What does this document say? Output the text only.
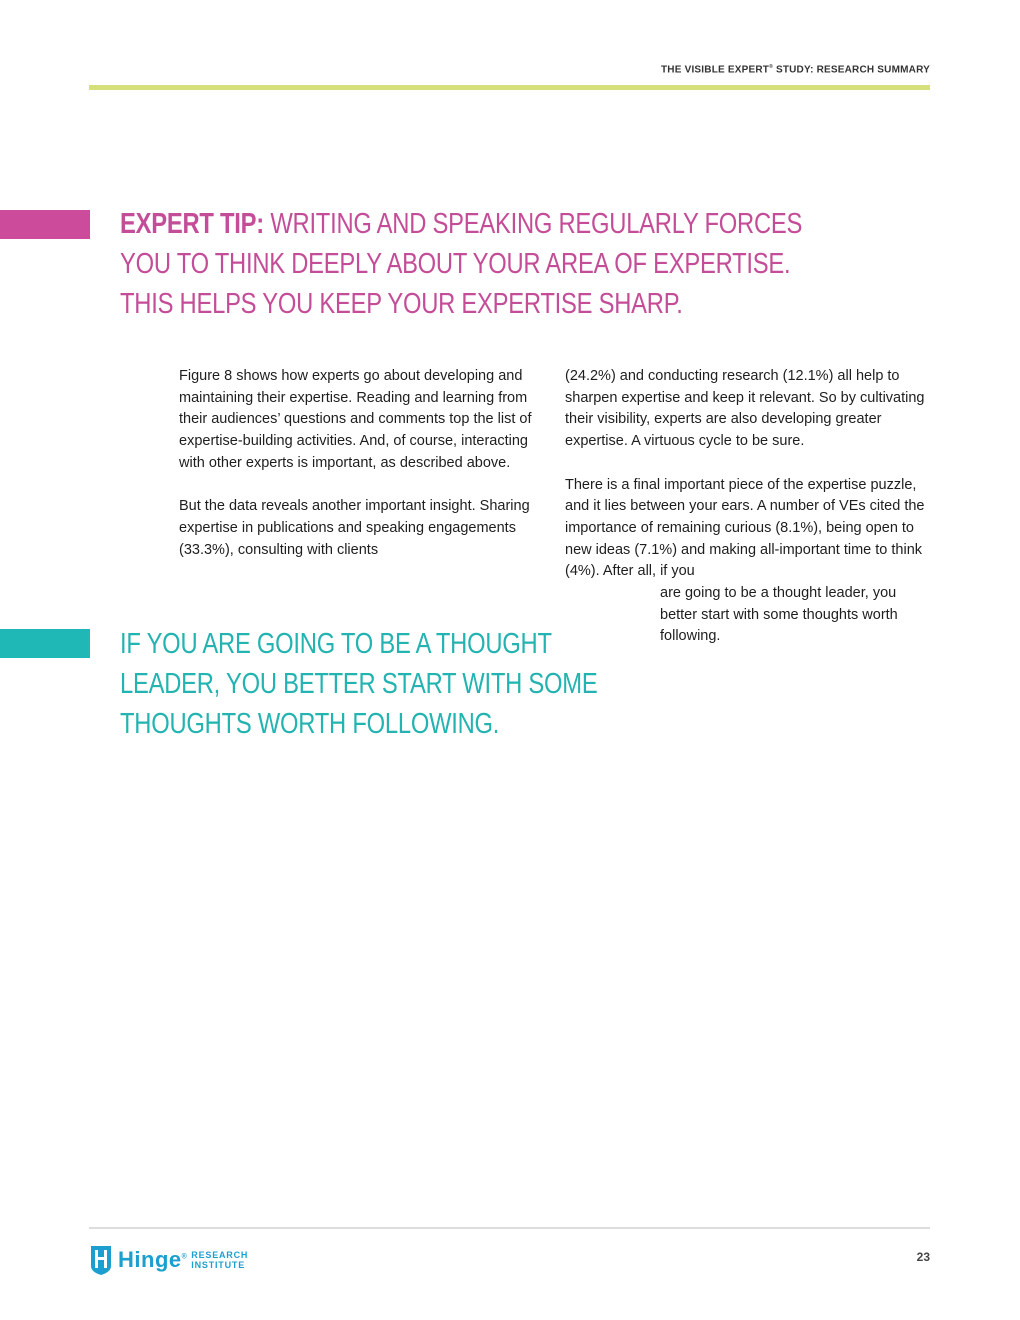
THE VISIBLE EXPERT® STUDY: RESEARCH SUMMARY
EXPERT TIP: WRITING AND SPEAKING REGULARLY FORCES YOU TO THINK DEEPLY ABOUT YOUR AREA OF EXPERTISE. THIS HELPS YOU KEEP YOUR EXPERTISE SHARP.

Figure 8 shows how experts go about developing and maintaining their expertise. Reading and learning from their audiences’ questions and comments top the list of expertise-building activities. And, of course, interacting with other experts is important, as described above.

But the data reveals another important insight. Sharing expertise in publications and speaking engagements (33.3%), consulting with clients

(24.2%) and conducting research (12.1%) all help to sharpen expertise and keep it relevant. So by cultivating their visibility, experts are also developing greater expertise. A virtuous cycle to be sure.

There is a final important piece of the expertise puzzle, and it lies between your ears. A number of VEs cited the importance of remaining curious (8.1%), being open to new ideas (7.1%) and making all-important time to think (4%). After all, if you

are going to be a thought leader, you better start with some thoughts worth following.
IF YOU ARE GOING TO BE A THOUGHT LEADER, YOU BETTER START WITH SOME THOUGHTS WORTH FOLLOWING.
Hinge® RESEARCH
INSTITUTE
23
